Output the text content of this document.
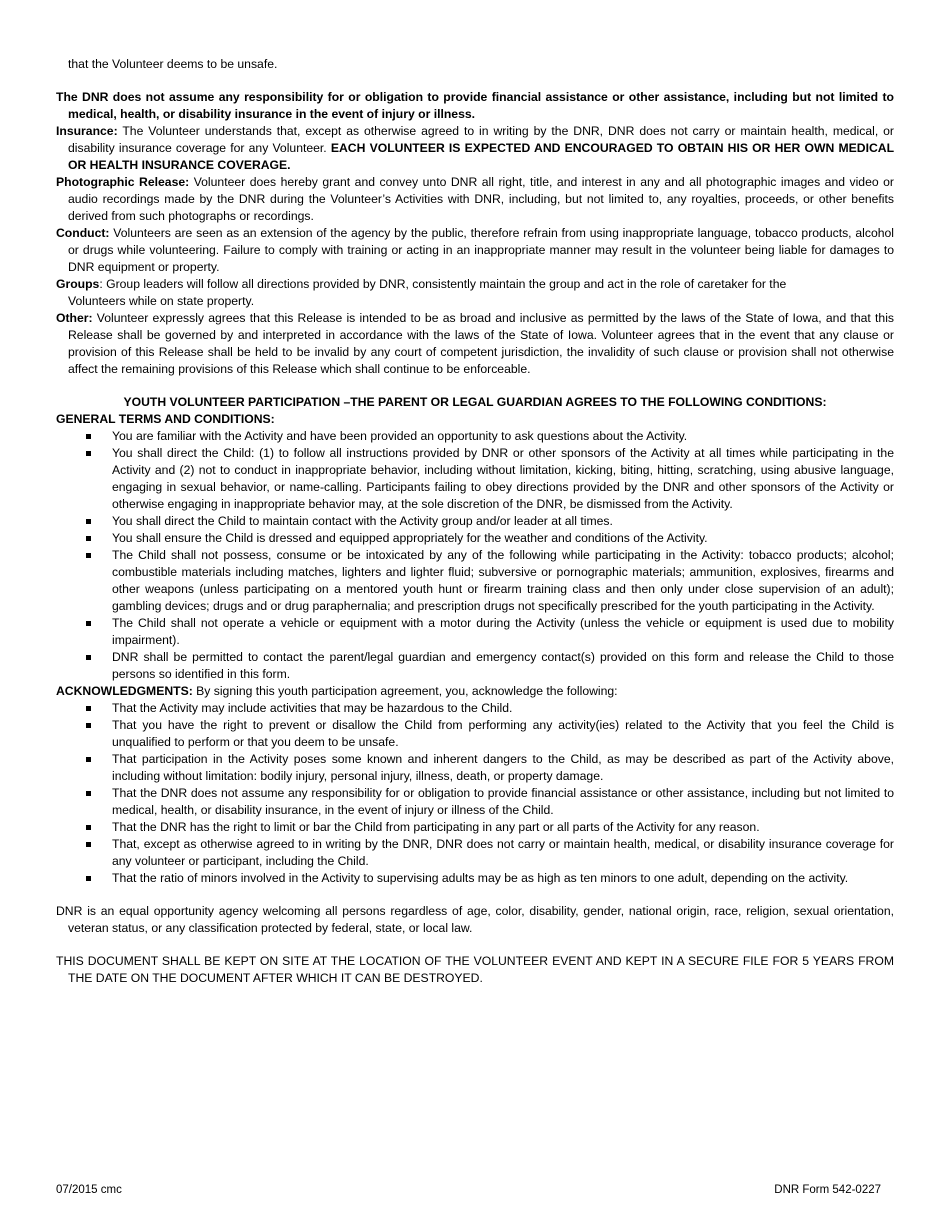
that the Volunteer deems to be unsafe.

The DNR does not assume any responsibility for or obligation to provide financial assistance or other assistance, including but not limited to medical, health, or disability insurance in the event of injury or illness.

Insurance: The Volunteer understands that, except as otherwise agreed to in writing by the DNR, DNR does not carry or maintain health, medical, or disability insurance coverage for any Volunteer. EACH VOLUNTEER IS EXPECTED AND ENCOURAGED TO OBTAIN HIS OR HER OWN MEDICAL OR HEALTH INSURANCE COVERAGE.

Photographic Release: Volunteer does hereby grant and convey unto DNR all right, title, and interest in any and all photographic images and video or audio recordings made by the DNR during the Volunteer’s Activities with DNR, including, but not limited to, any royalties, proceeds, or other benefits derived from such photographs or recordings.

Conduct: Volunteers are seen as an extension of the agency by the public, therefore refrain from using inappropriate language, tobacco products, alcohol or drugs while volunteering. Failure to comply with training or acting in an inappropriate manner may result in the volunteer being liable for damages to DNR equipment or property.

Groups: Group leaders will follow all directions provided by DNR, consistently maintain the group and act in the role of caretaker for the
Volunteers while on state property.

Other: Volunteer expressly agrees that this Release is intended to be as broad and inclusive as permitted by the laws of the State of Iowa, and that this Release shall be governed by and interpreted in accordance with the laws of the State of Iowa. Volunteer agrees that in the event that any clause or provision of this Release shall be held to be invalid by any court of competent jurisdiction, the invalidity of such clause or provision shall not otherwise affect the remaining provisions of this Release which shall continue to be enforceable.

YOUTH VOLUNTEER PARTICIPATION –THE PARENT OR LEGAL GUARDIAN AGREES TO THE FOLLOWING CONDITIONS:

GENERAL TERMS AND CONDITIONS:

You are familiar with the Activity and have been provided an opportunity to ask questions about the Activity.
You shall direct the Child: (1) to follow all instructions provided by DNR or other sponsors of the Activity at all times while participating in the Activity and (2) not to conduct in inappropriate behavior, including without limitation, kicking, biting, hitting, scratching, using abusive language, engaging in sexual behavior, or name-calling. Participants failing to obey directions provided by the DNR and other sponsors of the Activity or otherwise engaging in inappropriate behavior may, at the sole discretion of the DNR, be dismissed from the Activity.
You shall direct the Child to maintain contact with the Activity group and/or leader at all times.
You shall ensure the Child is dressed and equipped appropriately for the weather and conditions of the Activity.
The Child shall not possess, consume or be intoxicated by any of the following while participating in the Activity: tobacco products; alcohol; combustible materials including matches, lighters and lighter fluid; subversive or pornographic materials; ammunition, explosives, firearms and other weapons (unless participating on a mentored youth hunt or firearm training class and then only under close supervision of an adult); gambling devices; drugs and or drug paraphernalia; and prescription drugs not specifically prescribed for the youth participating in the Activity.
The Child shall not operate a vehicle or equipment with a motor during the Activity (unless the vehicle or equipment is used due to mobility impairment).
DNR shall be permitted to contact the parent/legal guardian and emergency contact(s) provided on this form and release the Child to those persons so identified in this form.

ACKNOWLEDGMENTS: By signing this youth participation agreement, you, acknowledge the following:

That the Activity may include activities that may be hazardous to the Child.
That you have the right to prevent or disallow the Child from performing any activity(ies) related to the Activity that you feel the Child is unqualified to perform or that you deem to be unsafe.
That participation in the Activity poses some known and inherent dangers to the Child, as may be described as part of the Activity above, including without limitation: bodily injury, personal injury, illness, death, or property damage.
That the DNR does not assume any responsibility for or obligation to provide financial assistance or other assistance, including but not limited to medical, health, or disability insurance, in the event of injury or illness of the Child.
That the DNR has the right to limit or bar the Child from participating in any part or all parts of the Activity for any reason.
That, except as otherwise agreed to in writing by the DNR, DNR does not carry or maintain health, medical, or disability insurance coverage for any volunteer or participant, including the Child.
That the ratio of minors involved in the Activity to supervising adults may be as high as ten minors to one adult, depending on the activity.

DNR is an equal opportunity agency welcoming all persons regardless of age, color, disability, gender, national origin, race, religion, sexual orientation, veteran status, or any classification protected by federal, state, or local law.

THIS DOCUMENT SHALL BE KEPT ON SITE AT THE LOCATION OF THE VOLUNTEER EVENT AND KEPT IN A SECURE FILE FOR 5 YEARS FROM THE DATE ON THE DOCUMENT AFTER WHICH IT CAN BE DESTROYED.

07/2015 cmc	DNR Form 542-0227
